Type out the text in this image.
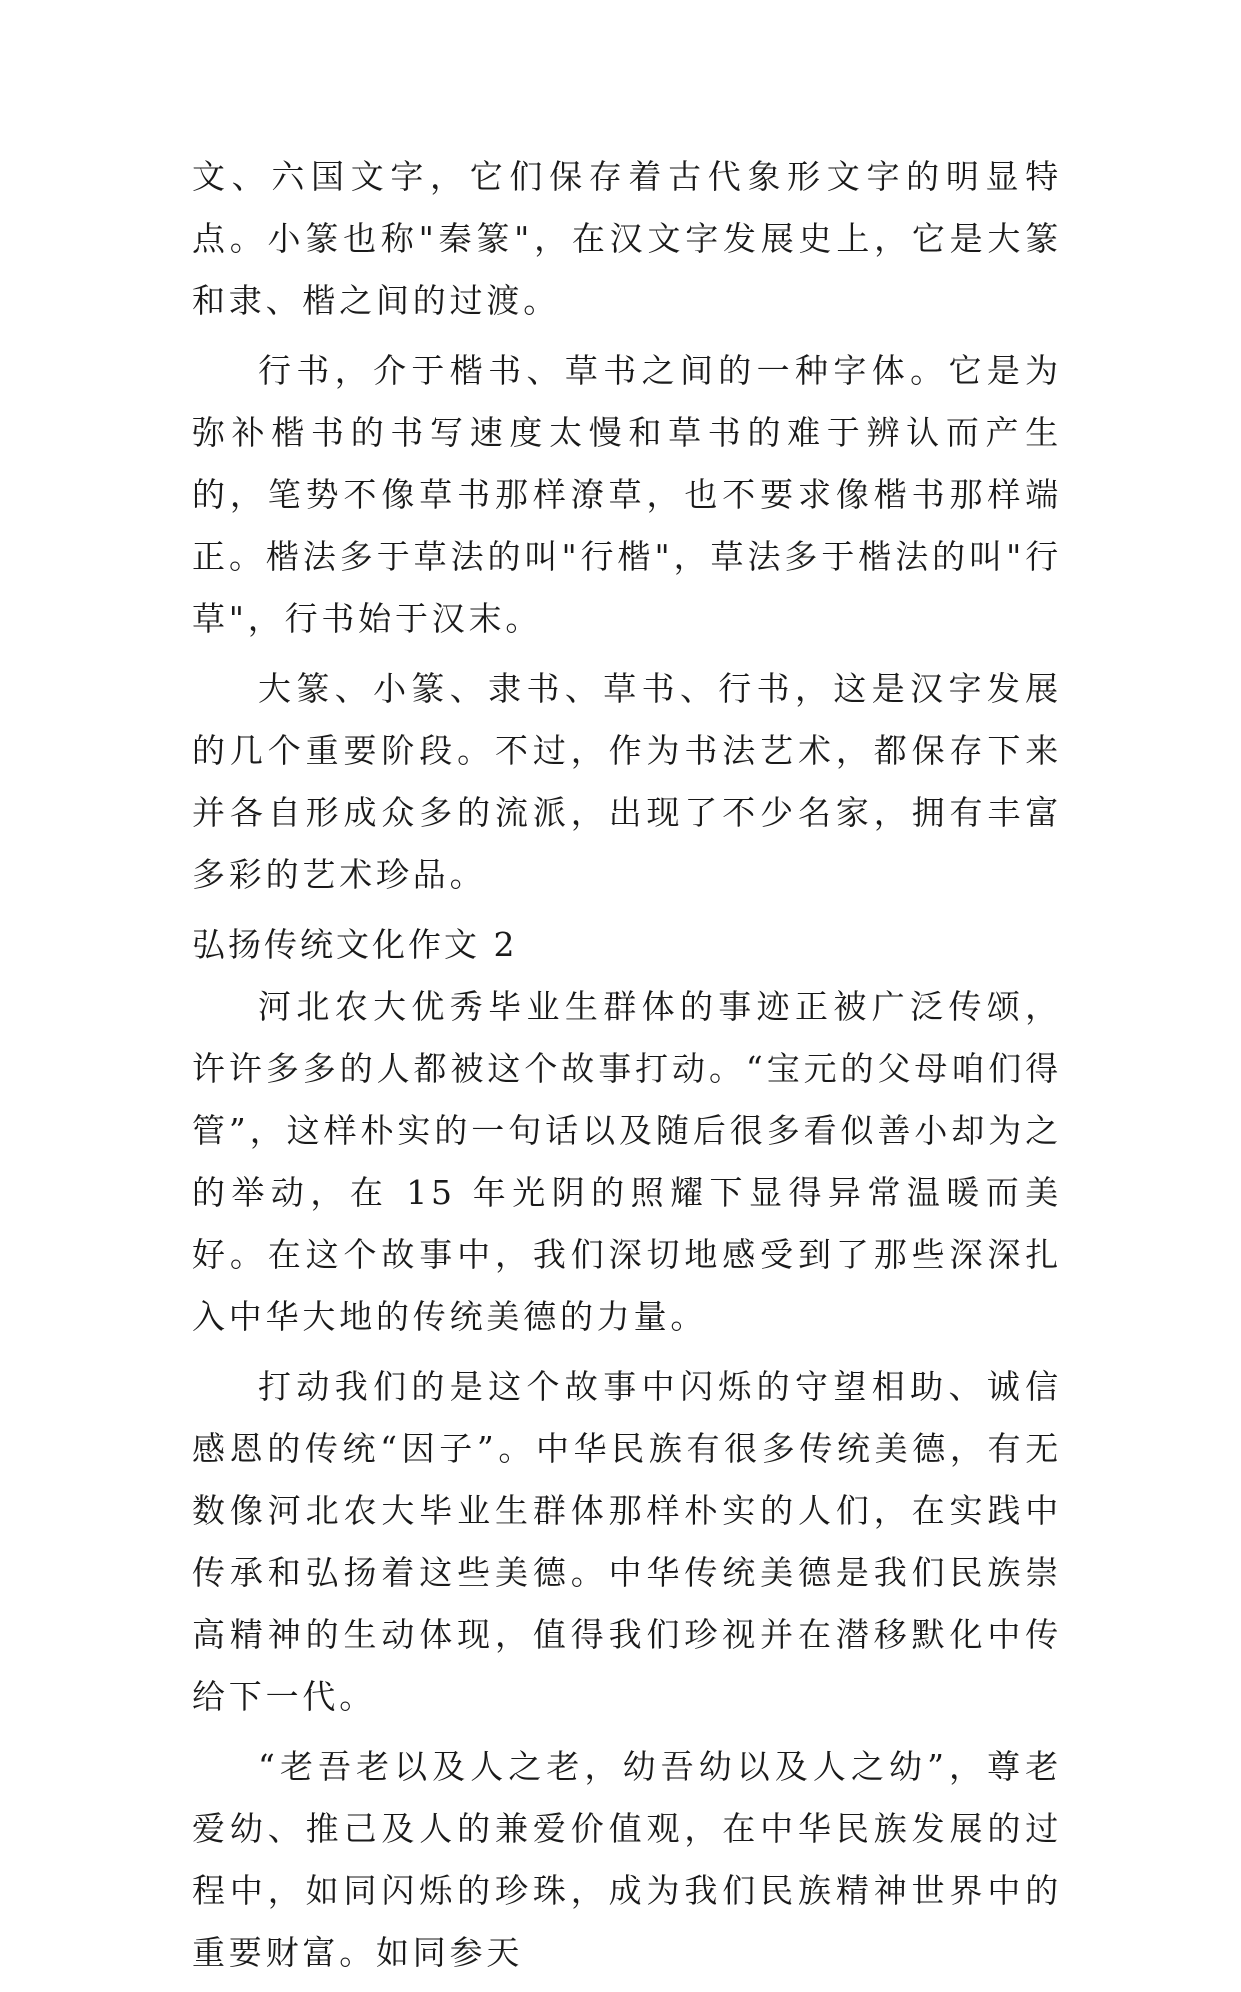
文、六国文字，它们保存着古代象形文字的明显特点。小篆也称"秦篆"，在汉文字发展史上，它是大篆和隶、楷之间的过渡。

行书，介于楷书、草书之间的一种字体。它是为弥补楷书的书写速度太慢和草书的难于辨认而产生的，笔势不像草书那样潦草，也不要求像楷书那样端正。楷法多于草法的叫"行楷"，草法多于楷法的叫"行草"，行书始于汉末。

大篆、小篆、隶书、草书、行书，这是汉字发展的几个重要阶段。不过，作为书法艺术，都保存下来并各自形成众多的流派，出现了不少名家，拥有丰富多彩的艺术珍品。

弘扬传统文化作文 2

河北农大优秀毕业生群体的事迹正被广泛传颂，许许多多的人都被这个故事打动。“宝元的父母咱们得管”，这样朴实的一句话以及随后很多看似善小却为之的举动，在 15 年光阴的照耀下显得异常温暖而美好。在这个故事中，我们深切地感受到了那些深深扎入中华大地的传统美德的力量。

打动我们的是这个故事中闪烁的守望相助、诚信感恩的传统“因子”。中华民族有很多传统美德，有无数像河北农大毕业生群体那样朴实的人们，在实践中传承和弘扬着这些美德。中华传统美德是我们民族崇高精神的生动体现，值得我们珍视并在潜移默化中传给下一代。

“老吾老以及人之老，幼吾幼以及人之幼”，尊老爱幼、推己及人的兼爱价值观，在中华民族发展的过程中，如同闪烁的珍珠，成为我们民族精神世界中的重要财富。如同参天
